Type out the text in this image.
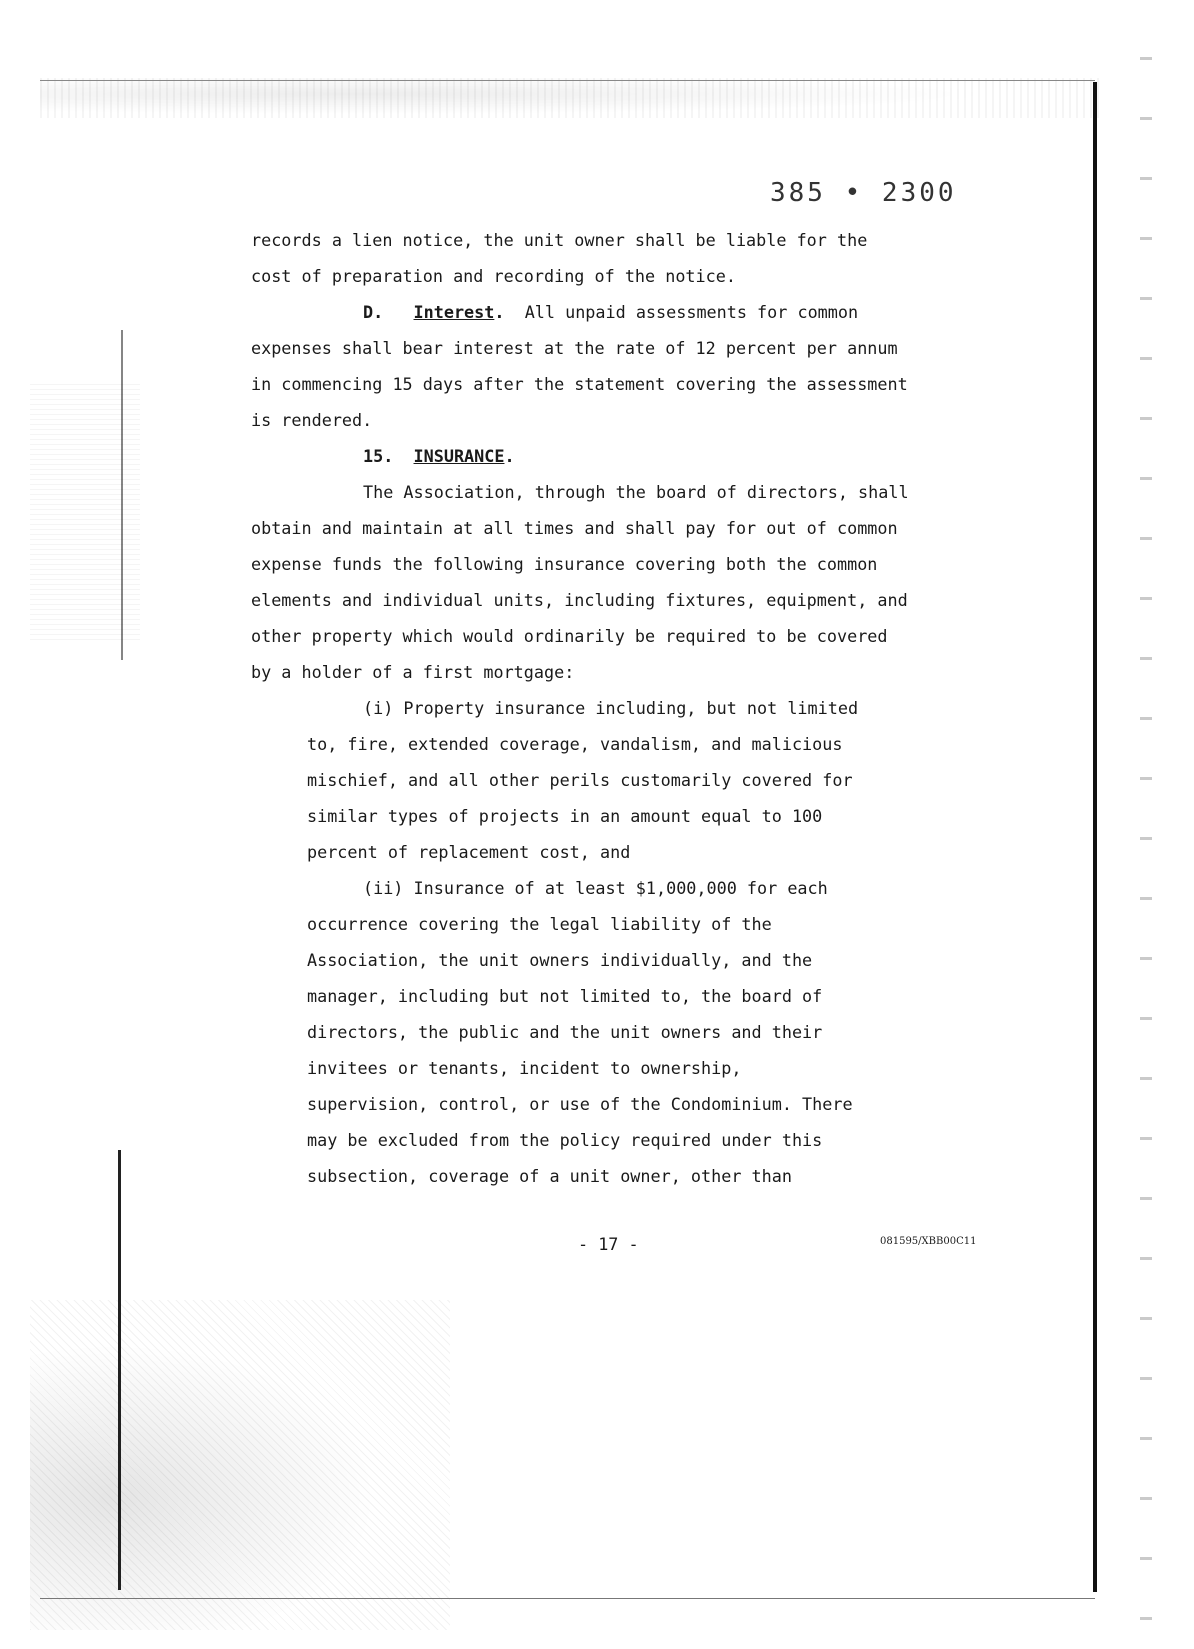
385 • 2300
records a lien notice, the unit owner shall be liable for the
cost of preparation and recording of the notice.
D. Interest. All unpaid assessments for common
expenses shall bear interest at the rate of 12 percent per annum
in commencing 15 days after the statement covering the assessment
is rendered.
15. INSURANCE.
The Association, through the board of directors, shall
obtain and maintain at all times and shall pay for out of common
expense funds the following insurance covering both the common
elements and individual units, including fixtures, equipment, and
other property which would ordinarily be required to be covered
by a holder of a first mortgage:
(i) Property insurance including, but not limited
to, fire, extended coverage, vandalism, and malicious
mischief, and all other perils customarily covered for
similar types of projects in an amount equal to 100
percent of replacement cost, and
(ii) Insurance of at least $1,000,000 for each
occurrence covering the legal liability of the
Association, the unit owners individually, and the
manager, including but not limited to, the board of
directors, the public and the unit owners and their
invitees or tenants, incident to ownership,
supervision, control, or use of the Condominium. There
may be excluded from the policy required under this
subsection, coverage of a unit owner, other than
- 17 -	081595/XBB00C11
